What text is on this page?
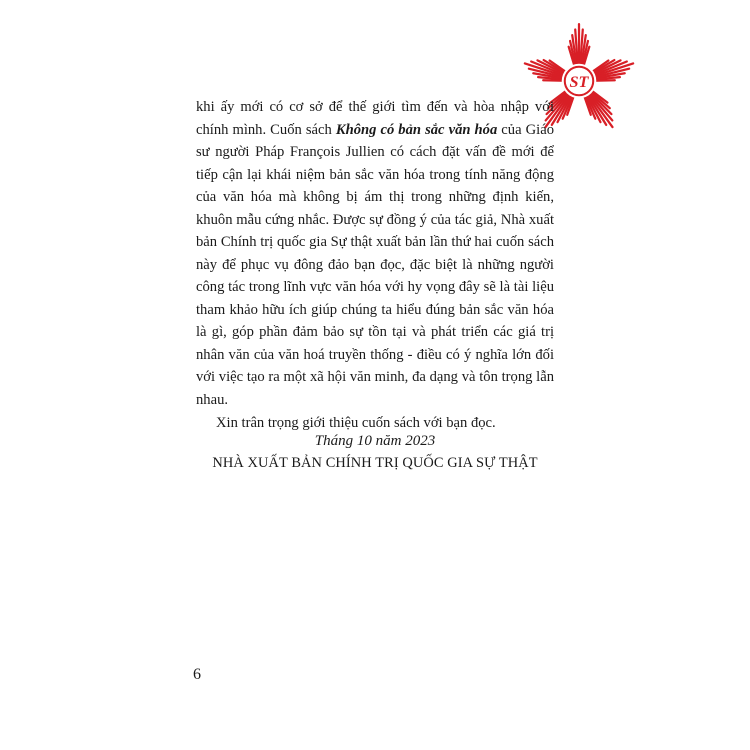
ST

khi ấy mới có cơ sở để thế giới tìm đến và hòa nhập với chính mình. Cuốn sách Không có bản sắc văn hóa của Giáo sư người Pháp François Jullien có cách đặt vấn đề mới để tiếp cận lại khái niệm bản sắc văn hóa trong tính năng động của văn hóa mà không bị ám thị trong những định kiến, khuôn mẫu cứng nhắc. Được sự đồng ý của tác giả, Nhà xuất bản Chính trị quốc gia Sự thật xuất bản lần thứ hai cuốn sách này để phục vụ đông đảo bạn đọc, đặc biệt là những người công tác trong lĩnh vực văn hóa với hy vọng đây sẽ là tài liệu tham khảo hữu ích giúp chúng ta hiểu đúng bản sắc văn hóa là gì, góp phần đảm bảo sự tồn tại và phát triển các giá trị nhân văn của văn hoá truyền thống - điều có ý nghĩa lớn đối với việc tạo ra một xã hội văn minh, đa dạng và tôn trọng lẫn nhau.

Xin trân trọng giới thiệu cuốn sách với bạn đọc.

Tháng 10 năm 2023
NHÀ XUẤT BẢN CHÍNH TRỊ QUỐC GIA SỰ THẬT
6
